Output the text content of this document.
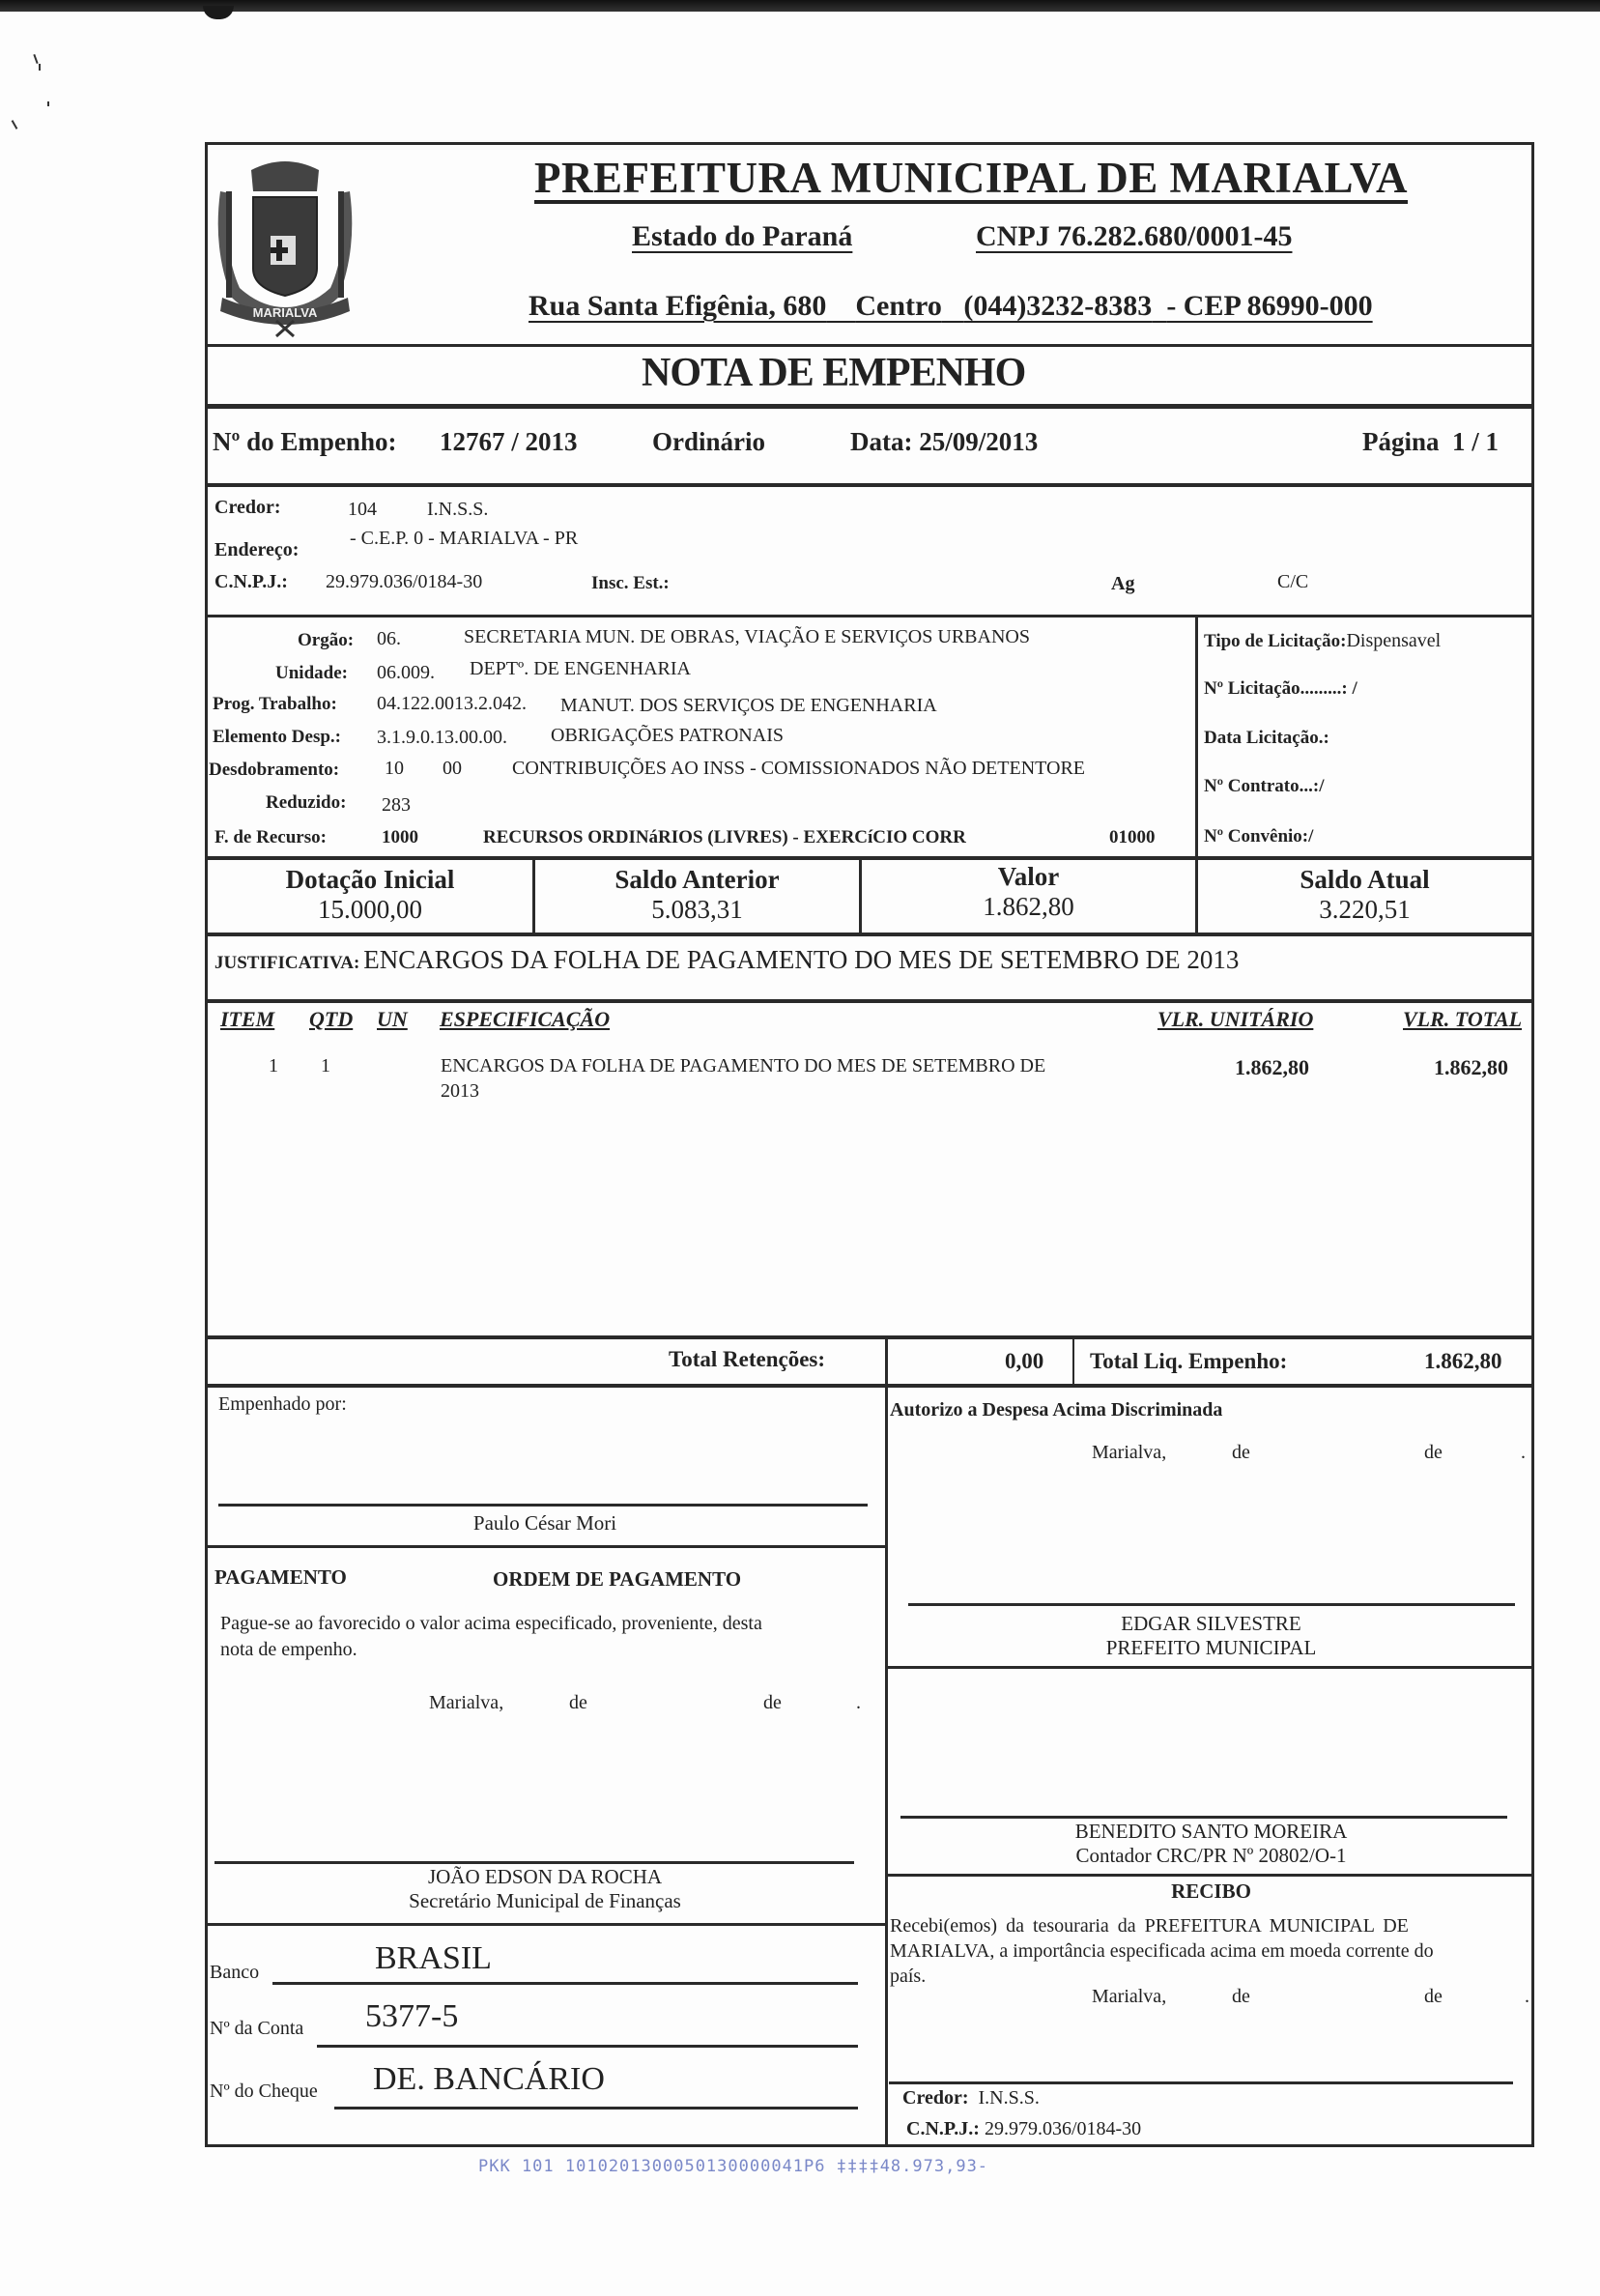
MARIALVA
PREFEITURA MUNICIPAL DE MARIALVA
Estado do Paraná	CNPJ 76.282.680/0001-45
Rua Santa Efigênia, 680 Centro (044)3232-8383 - CEP 86990-000
NOTA DE EMPENHO
Nº do Empenho: 12767 / 2013	Ordinário	Data: 25/09/2013	Página 1 / 1
Credor:	104	I.N.S.S.
Endereço:
- C.E.P. 0 - MARIALVA - PR
C.N.P.J.: 29.979.036/0184-30	Insc. Est.:	Ag	C/C
Orgão: 06.	SECRETARIA MUN. DE OBRAS, VIAÇÃO E SERVIÇOS URBANOS
Unidade: 06.009. DEPTº. DE ENGENHARIA
Prog. Trabalho: 04.122.0013.2.042. MANUT. DOS SERVIÇOS DE ENGENHARIA
Elemento Desp.: 3.1.9.0.13.00.00. OBRIGAÇÕES PATRONAIS
Desdobramento: 10 00	CONTRIBUIÇÕES AO INSS - COMISSIONADOS NÃO DETENTORE
Reduzido: 283
F. de Recurso:	1000	RECURSOS ORDINáRIOS (LIVRES) - EXERCíCIO CORR	01000
Tipo de Licitação:Dispensavel
Nº Licitação.........: /
Data Licitação.:
Nº Contrato...:/
Nº Convênio:/
Dotação Inicial
15.000,00
Saldo Anterior
5.083,31
Valor
1.862,80
Saldo Atual
3.220,51
JUSTIFICATIVA: ENCARGOS DA FOLHA DE PAGAMENTO DO MES DE SETEMBRO DE 2013
ITEM QTD UN ESPECIFICAÇÃO	VLR. UNITÁRIO	VLR. TOTAL
1 1	ENCARGOS DA FOLHA DE PAGAMENTO DO MES DE SETEMBRO DE
2013
1.862,80	1.862,80
Total Retenções:	0,00 Total Liq. Empenho:	1.862,80
Empenhado por:
Paulo César Mori
Autorizo a Despesa Acima Discriminada
Marialva,	de	de	.
EDGAR SILVESTRE
PREFEITO MUNICIPAL
PAGAMENTO	ORDEM DE PAGAMENTO
Pague-se ao favorecido o valor acima especificado, proveniente, desta
nota de empenho.
Marialva,	de	de	.
JOÃO EDSON DA ROCHA
Secretário Municipal de Finanças
BENEDITO SANTO MOREIRA
Contador CRC/PR Nº 20802/O-1
Banco	BRASIL
Nº da Conta 5377-5
Nº do Cheque DE. BANCÁRIO
RECIBO
Recebi(emos) da tesouraria da PREFEITURA MUNICIPAL DE
MARIALVA, a importância especificada acima em moeda corrente do
país.
Marialva,	de	de	.
Credor: I.N.S.S.
C.N.P.J.: 29.979.036/0184-30
PKK 101 1010201300050130000041P6 ‡‡‡‡48.973,93-
